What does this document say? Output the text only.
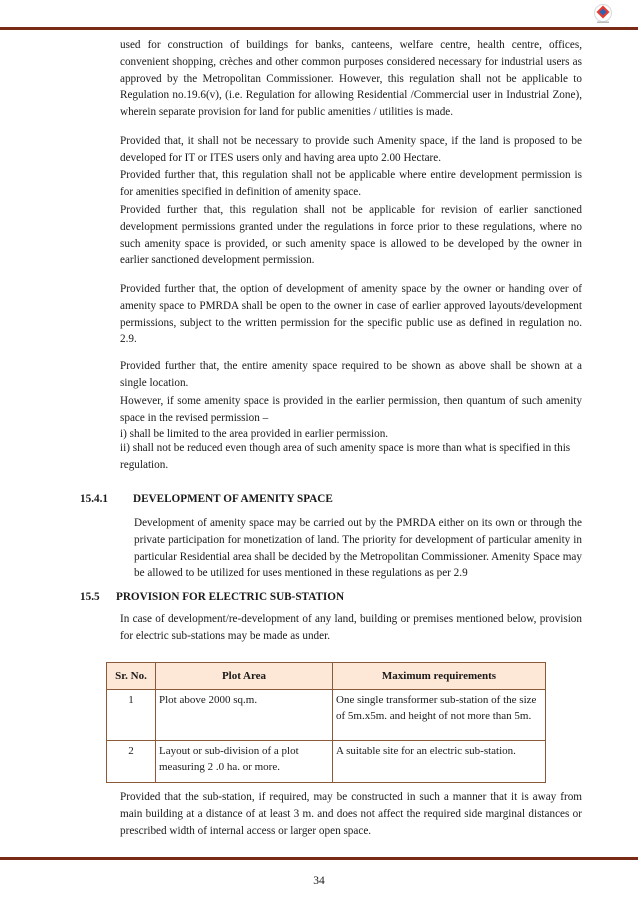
used for construction of buildings for banks, canteens, welfare centre, health centre, offices, convenient shopping, crèches and other common purposes considered necessary for industrial users as approved by the Metropolitan Commissioner. However, this regulation shall not be applicable to Regulation no.19.6(v), (i.e. Regulation for allowing Residential /Commercial user in Industrial Zone), wherein separate provision for land for public amenities / utilities is made.

Provided that, it shall not be necessary to provide such Amenity space, if the land is proposed to be developed for IT or ITES users only and having area upto 2.00 Hectare.

Provided further that, this regulation shall not be applicable where entire development permission is for amenities specified in definition of amenity space.

Provided further that, this regulation shall not be applicable for revision of earlier sanctioned development permissions granted under the regulations in force prior to these regulations, where no such amenity space is provided, or such amenity space is allowed to be developed by the owner in earlier sanctioned development permission.

Provided further that, the option of development of amenity space by the owner or handing over of amenity space to PMRDA shall be open to the owner in case of earlier approved layouts/development permissions, subject to the written permission for the specific public use as defined in regulation no. 2.9.

Provided further that, the entire amenity space required to be shown as above shall be shown at a single location.

However, if some amenity space is provided in the earlier permission, then quantum of such amenity space in the revised permission –

i) shall be limited to the area provided in earlier permission.

ii) shall not be reduced even though area of such amenity space is more than what is specified in this regulation.

15.4.1 DEVELOPMENT OF AMENITY SPACE

Development of amenity space may be carried out by the PMRDA either on its own or through the private participation for monetization of land. The priority for development of particular amenity in particular Residential area shall be decided by the Metropolitan Commissioner. Amenity Space may be allowed to be utilized for uses mentioned in these regulations as per 2.9

15.5 PROVISION FOR ELECTRIC SUB-STATION

In case of development/re-development of any land, building or premises mentioned below, provision for electric sub-stations may be made as under.

Sr. No.	Plot Area	Maximum requirements
1	Plot above 2000 sq.m.	One single transformer sub-station of the size of 5m.x5m. and height of not more than 5m.
2	Layout or sub-division of a plot measuring 2 .0 ha. or more.	A suitable site for an electric sub-station.

Provided that the sub-station, if required, may be constructed in such a manner that it is away from main building at a distance of at least 3 m. and does not affect the required side marginal distances or prescribed width of internal access or larger open space.

34
